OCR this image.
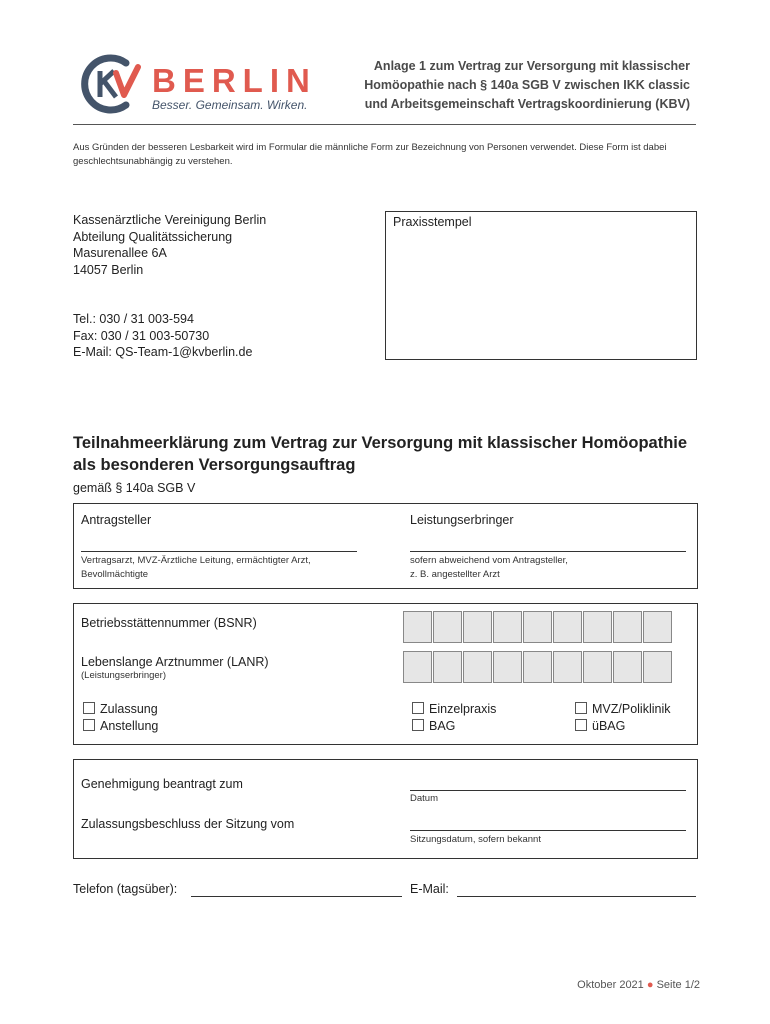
BERLIN
Besser. Gemeinsam. Wirken.
Anlage 1 zum Vertrag zur Versorgung mit klassischer
Homöopathie nach § 140a SGB V zwischen IKK classic
und Arbeitsgemeinschaft Vertragskoordinierung (KBV)
Aus Gründen der besseren Lesbarkeit wird im Formular die männliche Form zur Bezeichnung von Personen verwendet. Diese Form ist dabei geschlechtsunabhängig zu verstehen.
Kassenärztliche Vereinigung Berlin
Abteilung Qualitätssicherung
Masurenallee 6A
14057 Berlin
Tel.: 030 / 31 003-594
Fax: 030 / 31 003-50730
E-Mail: QS-Team-1@kvberlin.de
Praxisstempel
Teilnahmeerklärung zum Vertrag zur Versorgung mit klassischer Homöopathie als besonderen Versorgungsauftrag
gemäß § 140a SGB V
Antragsteller
Vertragsarzt, MVZ-Ärztliche Leitung, ermächtigter Arzt,
Bevollmächtigte
Leistungserbringer
sofern abweichend vom Antragsteller,
z. B. angestellter Arzt
Betriebsstättennummer (BSNR)
Lebenslange Arztnummer (LANR)
(Leistungserbringer)
Zulassung
Anstellung
Einzelpraxis
BAG
MVZ/Poliklinik
üBAG
Genehmigung beantragt zum
Datum
Zulassungsbeschluss der Sitzung vom
Sitzungsdatum, sofern bekannt
Telefon (tagsüber):	E-Mail:
Oktober 2021 ● Seite 1/2
